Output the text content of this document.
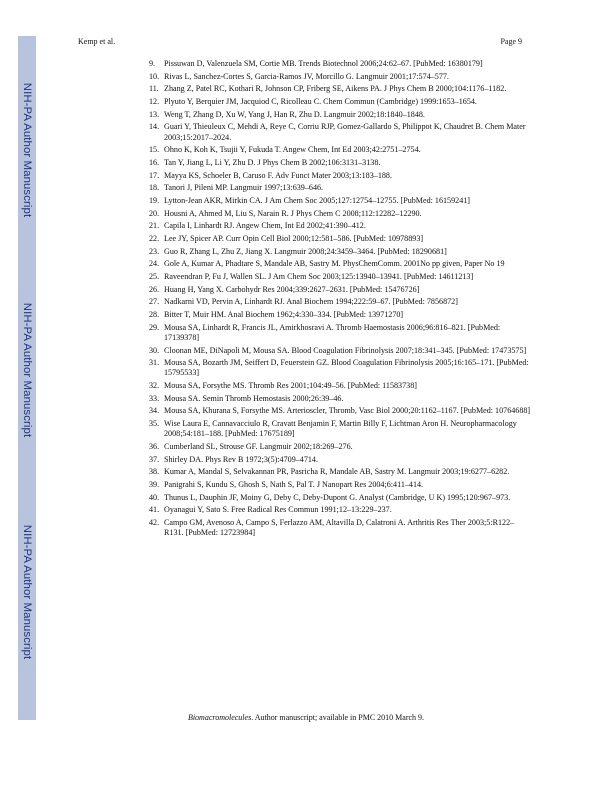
NIH-PA Author Manuscript
NIH-PA Author Manuscript
NIH-PA Author Manuscript
Kemp et al.	Page 9
9.	Pissuwan D, Valenzuela SM, Cortie MB. Trends Biotechnol 2006;24:62–67. [PubMed: 16380179]
10. Rivas L, Sanchez-Cortes S, Garcia-Ramos JV, Morcillo G. Langmuir 2001;17:574–577.
11. Zhang Z, Patel RC, Kothari R, Johnson CP, Friberg SE, Aikens PA. J Phys Chem B 2000;104:1176–1182.
12. Plyuto Y, Berquier JM, Jacquiod C, Ricolleau C. Chem Commun (Cambridge) 1999:1653–1654.
13. Weng T, Zhang D, Xu W, Yang J, Han R, Zhu D. Langmuir 2002;18:1840–1848.
14. Guari Y, Thieuleux C, Mehdi A, Reye C, Corriu RJP, Gomez-Gallardo S, Philippot K, Chaudret B. Chem Mater 2003;15:2017–2024.
15. Ohno K, Koh K, Tsujii Y, Fukuda T. Angew Chem, Int Ed 2003;42:2751–2754.
16. Tan Y, Jiang L, Li Y, Zhu D. J Phys Chem B 2002;106:3131–3138.
17. Mayya KS, Schoeler B, Caruso F. Adv Funct Mater 2003;13:183–188.
18. Tanori J, Pileni MP. Langmuir 1997;13:639–646.
19. Lytton-Jean AKR, Mirkin CA. J Am Chem Soc 2005;127:12754–12755. [PubMed: 16159241]
20. Housni A, Ahmed M, Liu S, Narain R. J Phys Chem C 2008;112:12282–12290.
21. Capila I, Linhardt RJ. Angew Chem, Int Ed 2002;41:390–412.
22. Lee JY, Spicer AP. Curr Opin Cell Biol 2000;12:581–586. [PubMed: 10978893]
23. Guo R, Zhang L, Zhu Z, Jiang X. Langmuir 2008;24:3459–3464. [PubMed: 18290681]
24. Gole A, Kumar A, Phadtare S, Mandale AB, Sastry M. PhysChemComm. 2001No pp given, Paper No 19
25. Raveendran P, Fu J, Wallen SL. J Am Chem Soc 2003;125:13940–13941. [PubMed: 14611213]
26. Huang H, Yang X. Carbohydr Res 2004;339:2627–2631. [PubMed: 15476726]
27. Nadkarni VD, Pervin A, Linhardt RJ. Anal Biochem 1994;222:59–67. [PubMed: 7856872]
28. Bitter T, Muir HM. Anal Biochem 1962;4:330–334. [PubMed: 13971270]
29. Mousa SA, Linhardt R, Francis JL, Amirkhosravi A. Thromb Haemostasis 2006;96:816–821. [PubMed: 17139378]
30. Cloonan ME, DiNapoli M, Mousa SA. Blood Coagulation Fibrinolysis 2007;18:341–345. [PubMed: 17473575]
31. Mousa SA, Bozarth JM, Seiffert D, Feuerstein GZ. Blood Coagulation Fibrinolysis 2005;16:165–171. [PubMed: 15795533]
32. Mousa SA, Forsythe MS. Thromb Res 2001;104:49–56. [PubMed: 11583738]
33. Mousa SA. Semin Thromb Hemostasis 2000;26:39–46.
34. Mousa SA, Khurana S, Forsythe MS. Arterioscler, Thromb, Vasc Biol 2000;20:1162–1167. [PubMed: 10764688]
35. Wise Laura E, Cannavacciulo R, Cravatt Benjamin F, Martin Billy F, Lichtman Aron H. Neuropharmacology 2008;54:181–188. [PubMed: 17675189]
36. Cumberland SL, Strouse GF. Langmuir 2002;18:269–276.
37. Shirley DA. Phys Rev B 1972;3(5):4709–4714.
38. Kumar A, Mandal S, Selvakannan PR, Pasricha R, Mandale AB, Sastry M. Langmuir 2003;19:6277–6282.
39. Panigrahi S, Kundu S, Ghosh S, Nath S, Pal T. J Nanopart Res 2004;6:411–414.
40. Thunus L, Dauphin JF, Moiny G, Deby C, Deby-Dupont G. Analyst (Cambridge, U K) 1995;120:967–973.
41. Oyanagui Y, Sato S. Free Radical Res Commun 1991;12–13:229–237.
42. Campo GM, Avenoso A, Campo S, Ferlazzo AM, Altavilla D, Calatroni A. Arthritis Res Ther 2003;5:R122–R131. [PubMed: 12723984]
Biomacromolecules. Author manuscript; available in PMC 2010 March 9.
